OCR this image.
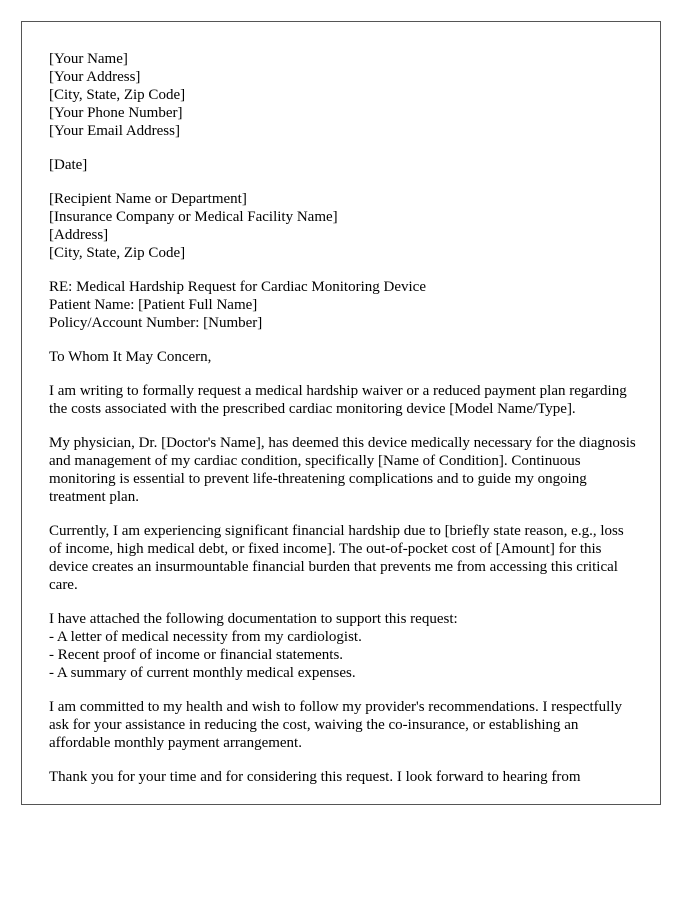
[Your Name]
[Your Address]
[City, State, Zip Code]
[Your Phone Number]
[Your Email Address]
[Date]
[Recipient Name or Department]
[Insurance Company or Medical Facility Name]
[Address]
[City, State, Zip Code]
RE: Medical Hardship Request for Cardiac Monitoring Device
Patient Name: [Patient Full Name]
Policy/Account Number: [Number]
To Whom It May Concern,

I am writing to formally request a medical hardship waiver or a reduced payment plan regarding the costs associated with the prescribed cardiac monitoring device [Model Name/Type].

My physician, Dr. [Doctor's Name], has deemed this device medically necessary for the diagnosis and management of my cardiac condition, specifically [Name of Condition]. Continuous monitoring is essential to prevent life-threatening complications and to guide my ongoing treatment plan.

Currently, I am experiencing significant financial hardship due to [briefly state reason, e.g., loss of income, high medical debt, or fixed income]. The out-of-pocket cost of [Amount] for this device creates an insurmountable financial burden that prevents me from accessing this critical care.

I have attached the following documentation to support this request:
- A letter of medical necessity from my cardiologist.
- Recent proof of income or financial statements.
- A summary of current monthly medical expenses.

I am committed to my health and wish to follow my provider's recommendations. I respectfully ask for your assistance in reducing the cost, waiving the co-insurance, or establishing an affordable monthly payment arrangement.

Thank you for your time and for considering this request. I look forward to hearing from
